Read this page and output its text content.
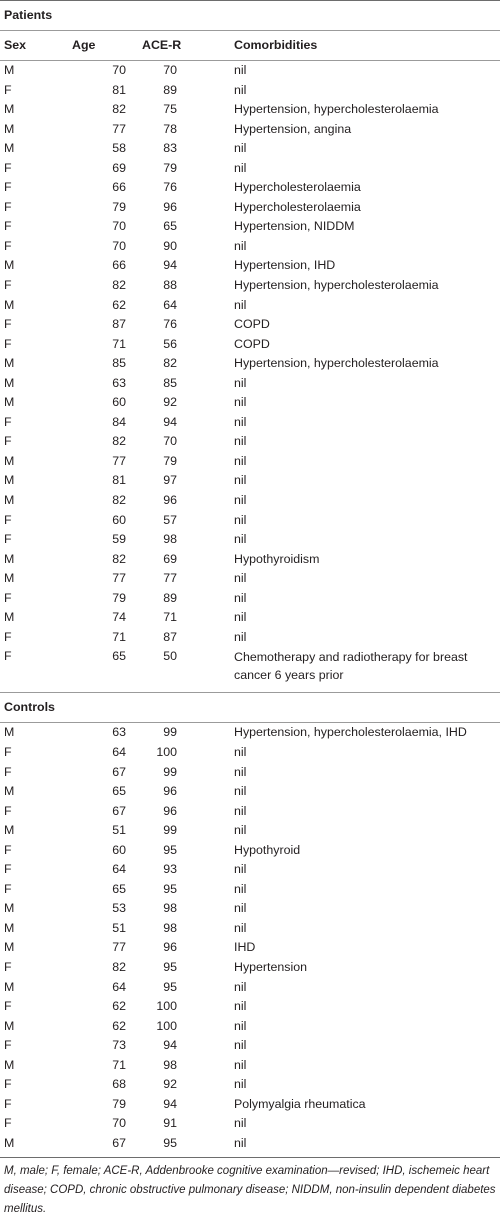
Patients
Sex	Age	ACE-R	Comorbidities
M	70	70	nil
F	81	89	nil
M	82	75	Hypertension, hypercholesterolaemia
M	77	78	Hypertension, angina
M	58	83	nil
F	69	79	nil
F	66	76	Hypercholesterolaemia
F	79	96	Hypercholesterolaemia
F	70	65	Hypertension, NIDDM
F	70	90	nil
M	66	94	Hypertension, IHD
F	82	88	Hypertension, hypercholesterolaemia
M	62	64	nil
F	87	76	COPD
F	71	56	COPD
M	85	82	Hypertension, hypercholesterolaemia
M	63	85	nil
M	60	92	nil
F	84	94	nil
F	82	70	nil
M	77	79	nil
M	81	97	nil
M	82	96	nil
F	60	57	nil
F	59	98	nil
M	82	69	Hypothyroidism
M	77	77	nil
F	79	89	nil
M	74	71	nil
F	71	87	nil
F	65	50	Chemotherapy and radiotherapy for breast cancer 6 years prior
Controls
M	63	99	Hypertension, hypercholesterolaemia, IHD
F	64	100	nil
F	67	99	nil
M	65	96	nil
F	67	96	nil
M	51	99	nil
F	60	95	Hypothyroid
F	64	93	nil
F	65	95	nil
M	53	98	nil
M	51	98	nil
M	77	96	IHD
F	82	95	Hypertension
M	64	95	nil
F	62	100	nil
M	62	100	nil
F	73	94	nil
M	71	98	nil
F	68	92	nil
F	79	94	Polymyalgia rheumatica
F	70	91	nil
M	67	95	nil
M, male; F, female; ACE-R, Addenbrooke cognitive examination—revised; IHD, ischemeic heart disease; COPD, chronic obstructive pulmonary disease; NIDDM, non-insulin dependent diabetes mellitus.
